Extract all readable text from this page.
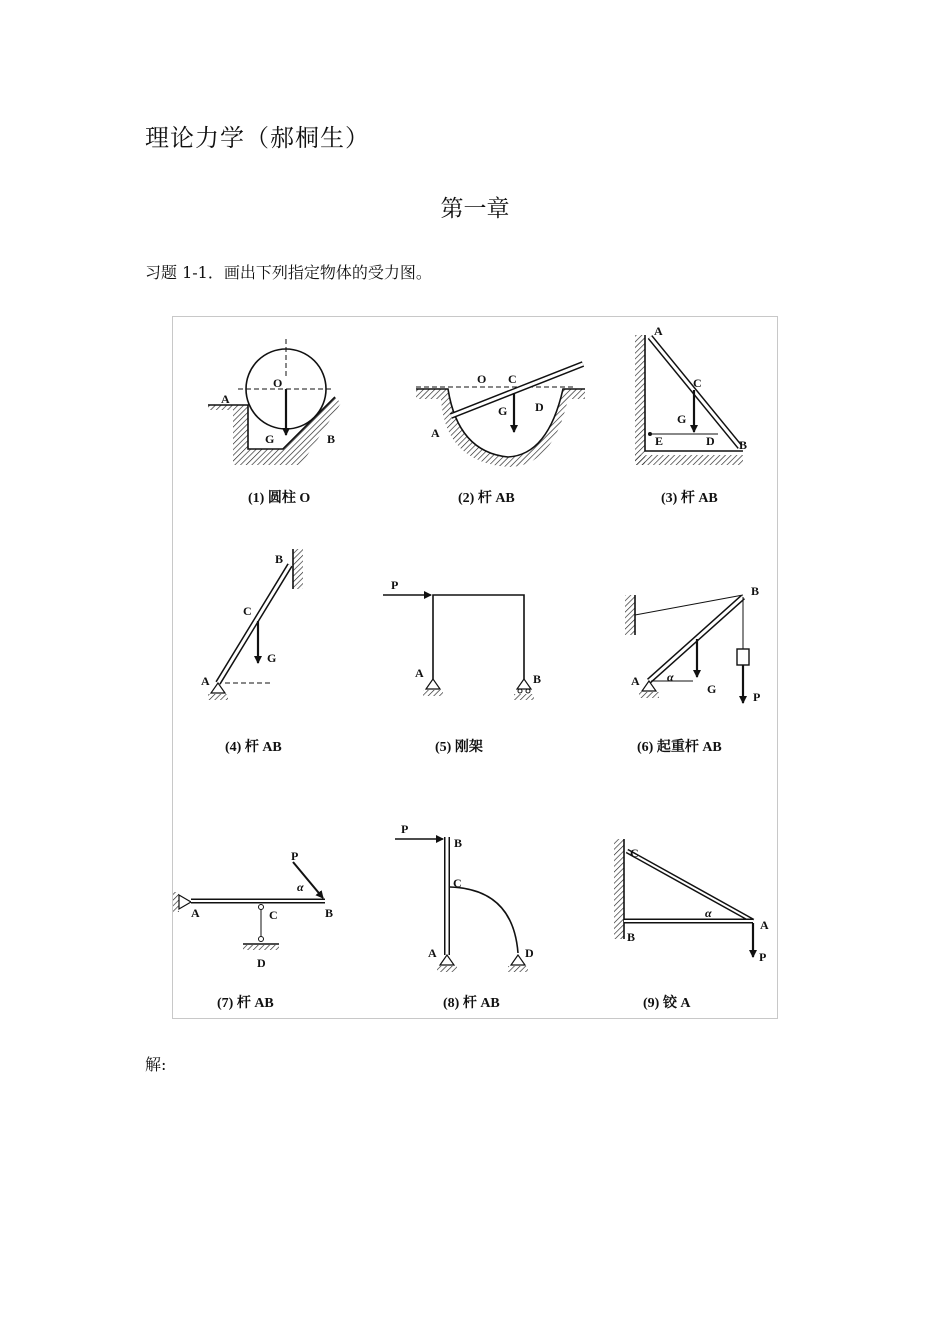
理论力学（郝桐生）
第一章
习题 1-1．画出下列指定物体的受力图。
O
A
G	B
(1) 圆柱 O
O C
D
G
A
(2) 杆 AB
A
C
G
E	D B
(3) 杆 AB
B
C
G
A
(4) 杆 AB
P
A	B
(5) 刚架
B
A α
G
P
(6) 起重杆 AB
P
α
A	C	B
D
(7) 杆 AB
P
B
C
A	D
(8) 杆 AB
C
α
A
B
P
(9) 铰 A
解:
